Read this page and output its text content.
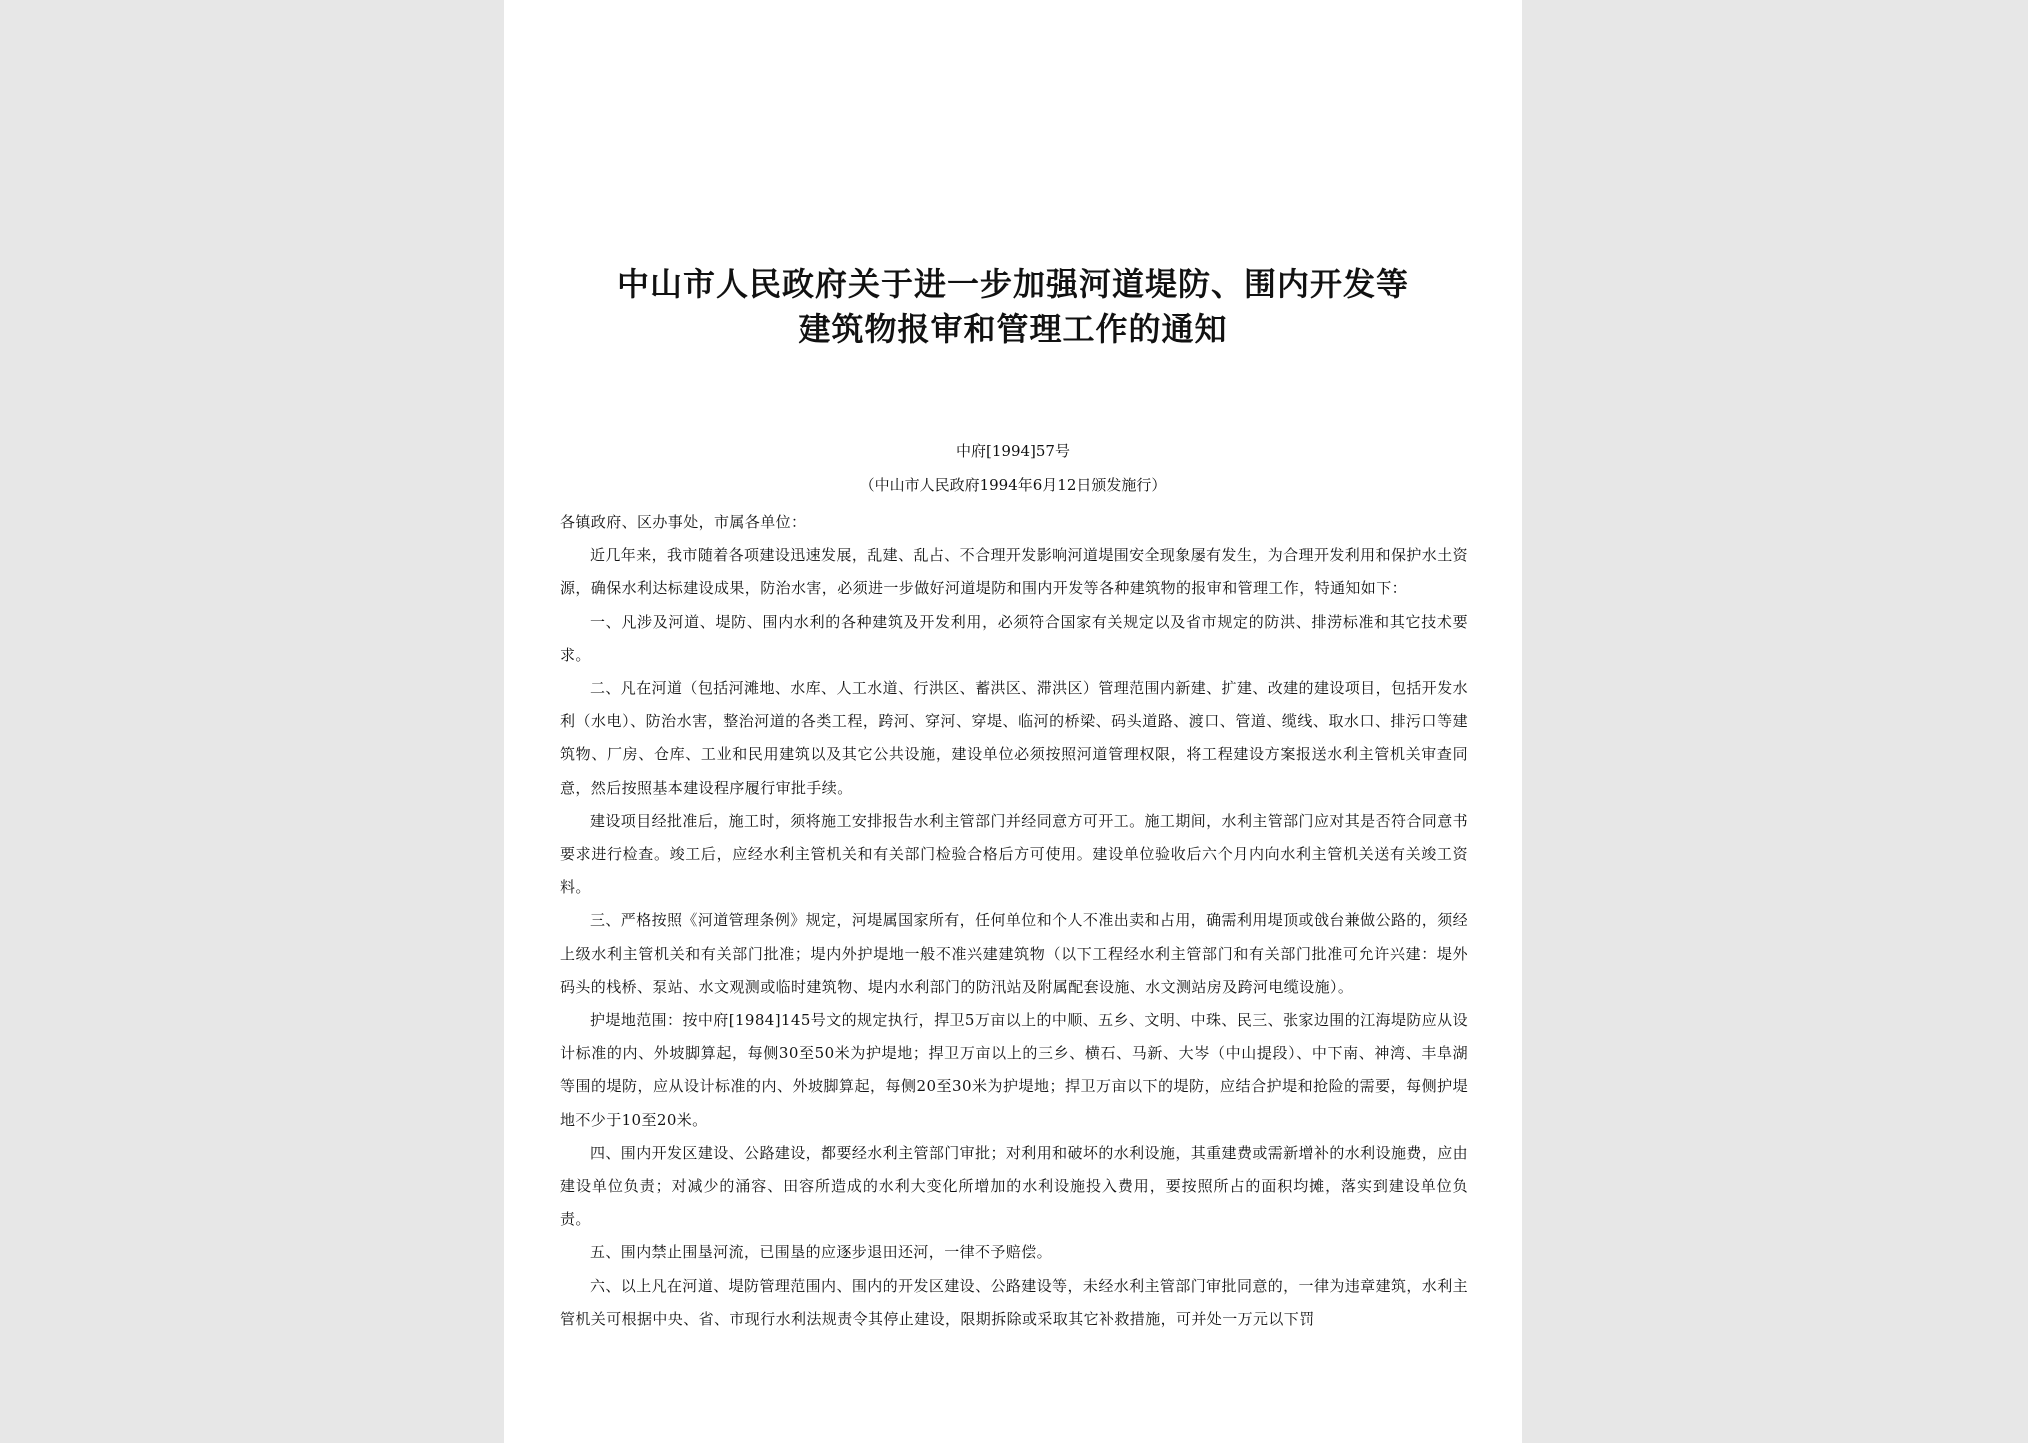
中山市人民政府关于进一步加强河道堤防、围内开发等
建筑物报审和管理工作的通知
中府[1994]57号
（中山市人民政府1994年6月12日颁发施行）

各镇政府、区办事处，市属各单位：

近几年来，我市随着各项建设迅速发展，乱建、乱占、不合理开发影响河道堤围安全现象屡有发生，为合理开发利用和保护水土资源，确保水利达标建设成果，防治水害，必须进一步做好河道堤防和围内开发等各种建筑物的报审和管理工作，特通知如下：

一、凡涉及河道、堤防、围内水利的各种建筑及开发利用，必须符合国家有关规定以及省市规定的防洪、排涝标准和其它技术要求。

二、凡在河道（包括河滩地、水库、人工水道、行洪区、蓄洪区、滞洪区）管理范围内新建、扩建、改建的建设项目，包括开发水利（水电）、防治水害，整治河道的各类工程，跨河、穿河、穿堤、临河的桥梁、码头道路、渡口、管道、缆线、取水口、排污口等建筑物、厂房、仓库、工业和民用建筑以及其它公共设施，建设单位必须按照河道管理权限，将工程建设方案报送水利主管机关审查同意，然后按照基本建设程序履行审批手续。

建设项目经批准后，施工时，须将施工安排报告水利主管部门并经同意方可开工。施工期间，水利主管部门应对其是否符合同意书要求进行检查。竣工后，应经水利主管机关和有关部门检验合格后方可使用。建设单位验收后六个月内向水利主管机关送有关竣工资料。

三、严格按照《河道管理条例》规定，河堤属国家所有，任何单位和个人不准出卖和占用，确需利用堤顶或戗台兼做公路的，须经上级水利主管机关和有关部门批准；堤内外护堤地一般不准兴建建筑物（以下工程经水利主管部门和有关部门批准可允许兴建：堤外码头的栈桥、泵站、水文观测或临时建筑物、堤内水利部门的防汛站及附属配套设施、水文测站房及跨河电缆设施）。

护堤地范围：按中府[1984]145号文的规定执行，捍卫5万亩以上的中顺、五乡、文明、中珠、民三、张家边围的江海堤防应从设计标准的内、外坡脚算起，每侧30至50米为护堤地；捍卫万亩以上的三乡、横石、马新、大岑（中山提段）、中下南、神湾、丰阜湖等围的堤防，应从设计标准的内、外坡脚算起，每侧20至30米为护堤地；捍卫万亩以下的堤防，应结合护堤和抢险的需要，每侧护堤地不少于10至20米。

四、围内开发区建设、公路建设，都要经水利主管部门审批；对利用和破坏的水利设施，其重建费或需新增补的水利设施费，应由建设单位负责；对减少的涌容、田容所造成的水利大变化所增加的水利设施投入费用，要按照所占的面积均摊，落实到建设单位负责。

五、围内禁止围垦河流，已围垦的应逐步退田还河，一律不予赔偿。

六、以上凡在河道、堤防管理范围内、围内的开发区建设、公路建设等，未经水利主管部门审批同意的，一律为违章建筑，水利主管机关可根据中央、省、市现行水利法规责令其停止建设，限期拆除或采取其它补救措施，可并处一万元以下罚
